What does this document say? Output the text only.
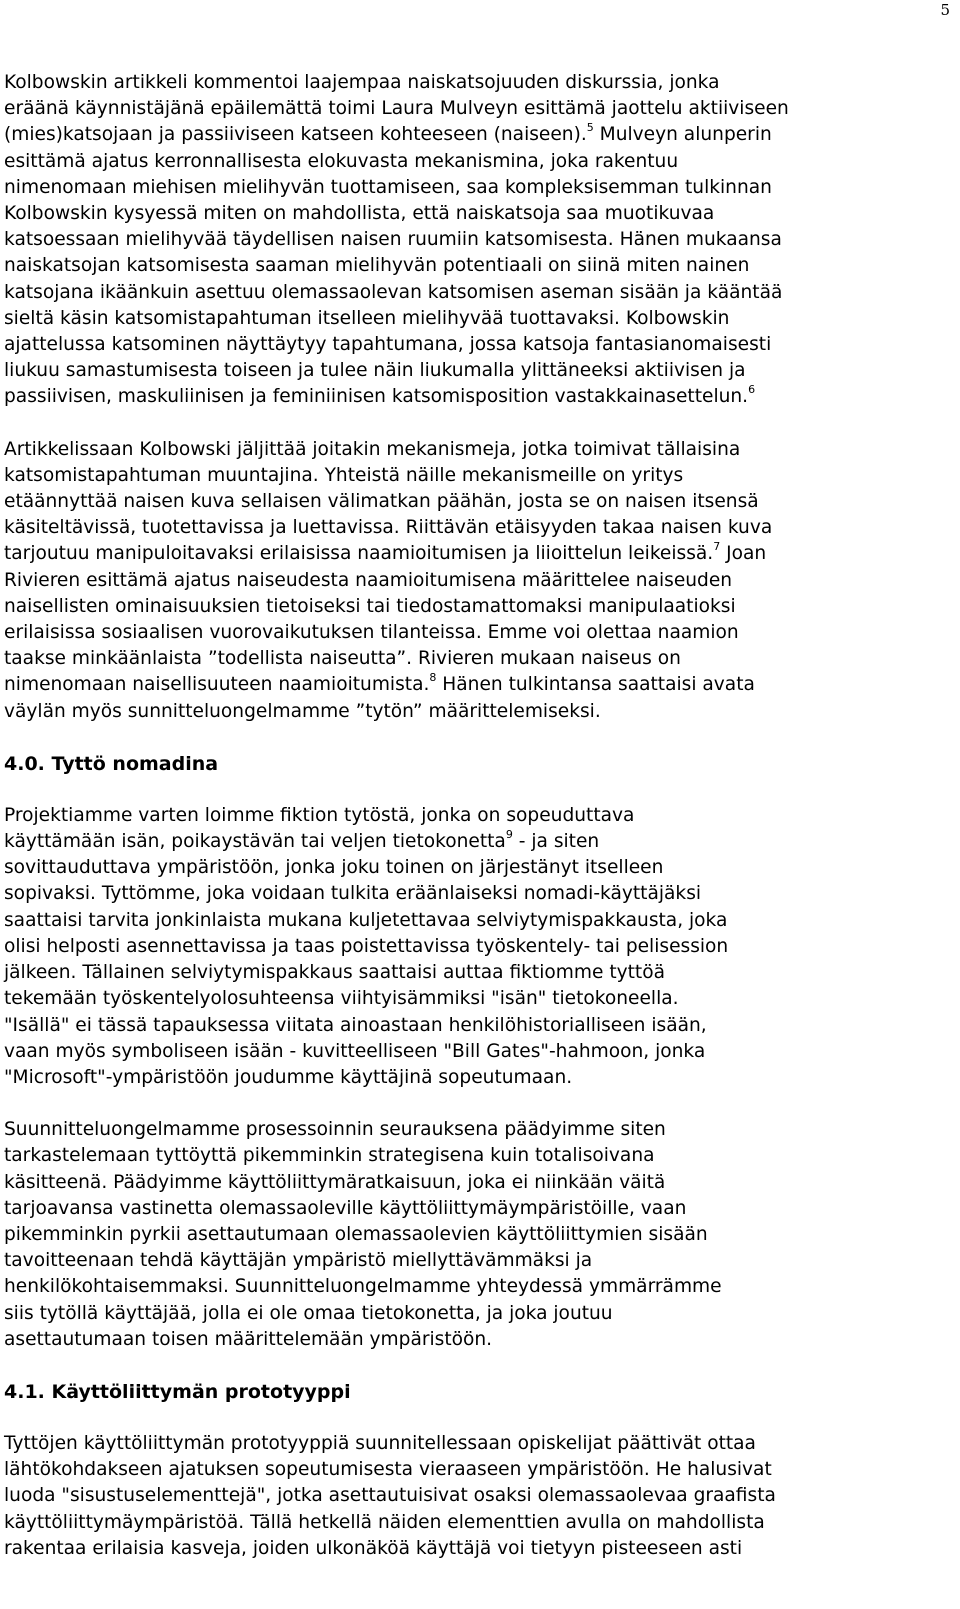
5

Kolbowskin artikkeli kommentoi laajempaa naiskatsojuuden diskurssia, jonka
eräänä käynnistäjänä epäilemättä toimi Laura Mulveyn esittämä jaottelu aktiiviseen
(mies)katsojaan ja passiiviseen katseen kohteeseen (naiseen).$^5$ Mulveyn alunperin
esittämä ajatus kerronnallisesta elokuvasta mekanismina, joka rakentuu
nimenomaan miehisen mielihyvän tuottamiseen, saa kompleksisemman tulkinnan
Kolbowskin kysyessä miten on mahdollista, että naiskatsoja saa muotikuvaa
katsoessaan mielihyvää täydellisen naisen ruumiin katsomisesta. Hänen mukaansa
naiskatsojan katsomisesta saaman mielihyvän potentiaali on siinä miten nainen
katsojana ikäänkuin asettuu olemassaolevan katsomisen aseman sisään ja kääntää
sieltä käsin katsomistapahtuman itselleen mielihyvää tuottavaksi. Kolbowskin
ajattelussa katsominen näyttäytyy tapahtumana, jossa katsoja fantasianomaisesti
liukuu samastumisesta toiseen ja tulee näin liukumalla ylittäneeksi aktiivisen ja
passiivisen, maskuliinisen ja feminiinisen katsomisposition vastakkainasettelun.$^6$

Artikkelissaan Kolbowski jäljittää joitakin mekanismeja, jotka toimivat tällaisina
katsomistapahtuman muuntajina. Yhteistä näille mekanismeille on yritys
etäännyttää naisen kuva sellaisen välimatkan päähän, josta se on naisen itsensä
käsiteltävissä, tuotettavissa ja luettavissa. Riittävän etäisyyden takaa naisen kuva
tarjoutuu manipuloitavaksi erilaisissa naamioitumisen ja liioittelun leikeissä.$^7$ Joan
Rivieren esittämä ajatus naiseudesta naamioitumisena määrittelee naiseuden
naisellisten ominaisuuksien tietoiseksi tai tiedostamattomaksi manipulaatioksi
erilaisissa sosiaalisen vuorovaikutuksen tilanteissa. Emme voi olettaa naamion
taakse minkäänlaista ”todellista naiseutta”. Rivieren mukaan naiseus on
nimenomaan naisellisuuteen naamioitumista.$^8$ Hänen tulkintansa saattaisi avata
väylän myös sunnitteluongelmamme ”tytön” määrittelemiseksi.

4.0. Tyttö nomadina

Projektiamme varten loimme fiktion tytöstä, jonka on sopeuduttava
käyttämään isän, poikaystävän tai veljen tietokonetta$^9$ - ja siten
sovittauduttava ympäristöön, jonka joku toinen on järjestänyt itselleen
sopivaksi. Tyttömme, joka voidaan tulkita eräänlaiseksi nomadi-käyttäjäksi
saattaisi tarvita jonkinlaista mukana kuljetettavaa selviytymispakkausta, joka
olisi helposti asennettavissa ja taas poistettavissa työskentely- tai pelisession
jälkeen. Tällainen selviytymispakkaus saattaisi auttaa fiktiomme tyttöä
tekemään työskentelyolosuhteensa viihtyisämmiksi "isän" tietokoneella.
"Isällä" ei tässä tapauksessa viitata ainoastaan henkilöhistorialliseen isään,
vaan myös symboliseen isään - kuvitteelliseen "Bill Gates"-hahmoon, jonka
"Microsoft"-ympäristöön joudumme käyttäjinä sopeutumaan.

Suunnitteluongelmamme prosessoinnin seurauksena päädyimme siten
tarkastelemaan tyttöyttä pikemminkin strategisena kuin totalisoivana
käsitteenä. Päädyimme käyttöliittymäratkaisuun, joka ei niinkään väitä
tarjoavansa vastinetta olemassaoleville käyttöliittymäympäristöille, vaan
pikemminkin pyrkii asettautumaan olemassaolevien käyttöliittymien sisään
tavoitteenaan tehdä käyttäjän ympäristö miellyttävämmäksi ja
henkilökohtaisemmaksi. Suunnitteluongelmamme yhteydessä ymmärrämme
siis tytöllä käyttäjää, jolla ei ole omaa tietokonetta, ja joka joutuu
asettautumaan toisen määrittelemään ympäristöön.

4.1. Käyttöliittymän prototyyppi

Tyttöjen käyttöliittymän prototyyppiä suunnitellessaan opiskelijat päättivät ottaa
lähtökohdakseen ajatuksen sopeutumisesta vieraaseen ympäristöön. He halusivat
luoda "sisustuselementtejä", jotka asettautuisivat osaksi olemassaolevaa graafista
käyttöliittymäympäristöä. Tällä hetkellä näiden elementtien avulla on mahdollista
rakentaa erilaisia kasveja, joiden ulkonäköä käyttäjä voi tietyyn pisteeseen asti
